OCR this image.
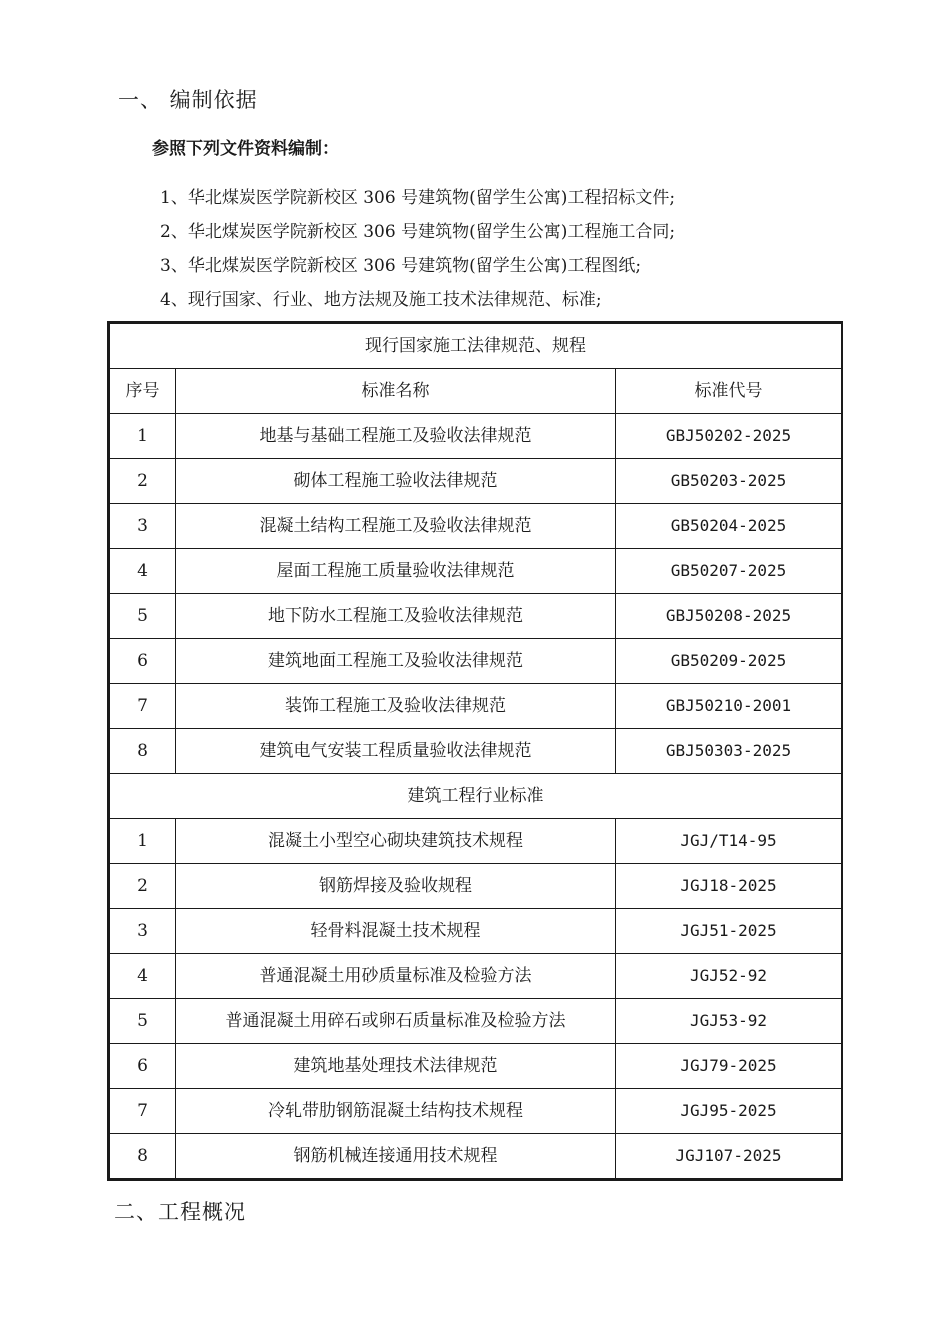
一、 编制依据
参照下列文件资料编制：
1、华北煤炭医学院新校区 306 号建筑物(留学生公寓)工程招标文件;
2、华北煤炭医学院新校区 306 号建筑物(留学生公寓)工程施工合同;
3、华北煤炭医学院新校区 306 号建筑物(留学生公寓)工程图纸;
4、现行国家、行业、地方法规及施工技术法律规范、标准;
现行国家施工法律规范、规程		
序号	标准名称	标准代号
1	地基与基础工程施工及验收法律规范	GBJ50202-2025
2	砌体工程施工验收法律规范	GB50203-2025
3	混凝土结构工程施工及验收法律规范	GB50204-2025
4	屋面工程施工质量验收法律规范	GB50207-2025
5	地下防水工程施工及验收法律规范	GBJ50208-2025
6	建筑地面工程施工及验收法律规范	GB50209-2025
7	装饰工程施工及验收法律规范	GBJ50210-2001
8	建筑电气安装工程质量验收法律规范	GBJ50303-2025
建筑工程行业标准		
1	混凝土小型空心砌块建筑技术规程	JGJ/T14-95
2	钢筋焊接及验收规程	JGJ18-2025
3	轻骨料混凝土技术规程	JGJ51-2025
4	普通混凝土用砂质量标准及检验方法	JGJ52-92
5	普通混凝土用碎石或卵石质量标准及检验方法	JGJ53-92
6	建筑地基处理技术法律规范	JGJ79-2025
7	冷轧带肋钢筋混凝土结构技术规程	JGJ95-2025
8	钢筋机械连接通用技术规程	JGJ107-2025
二、工程概况
